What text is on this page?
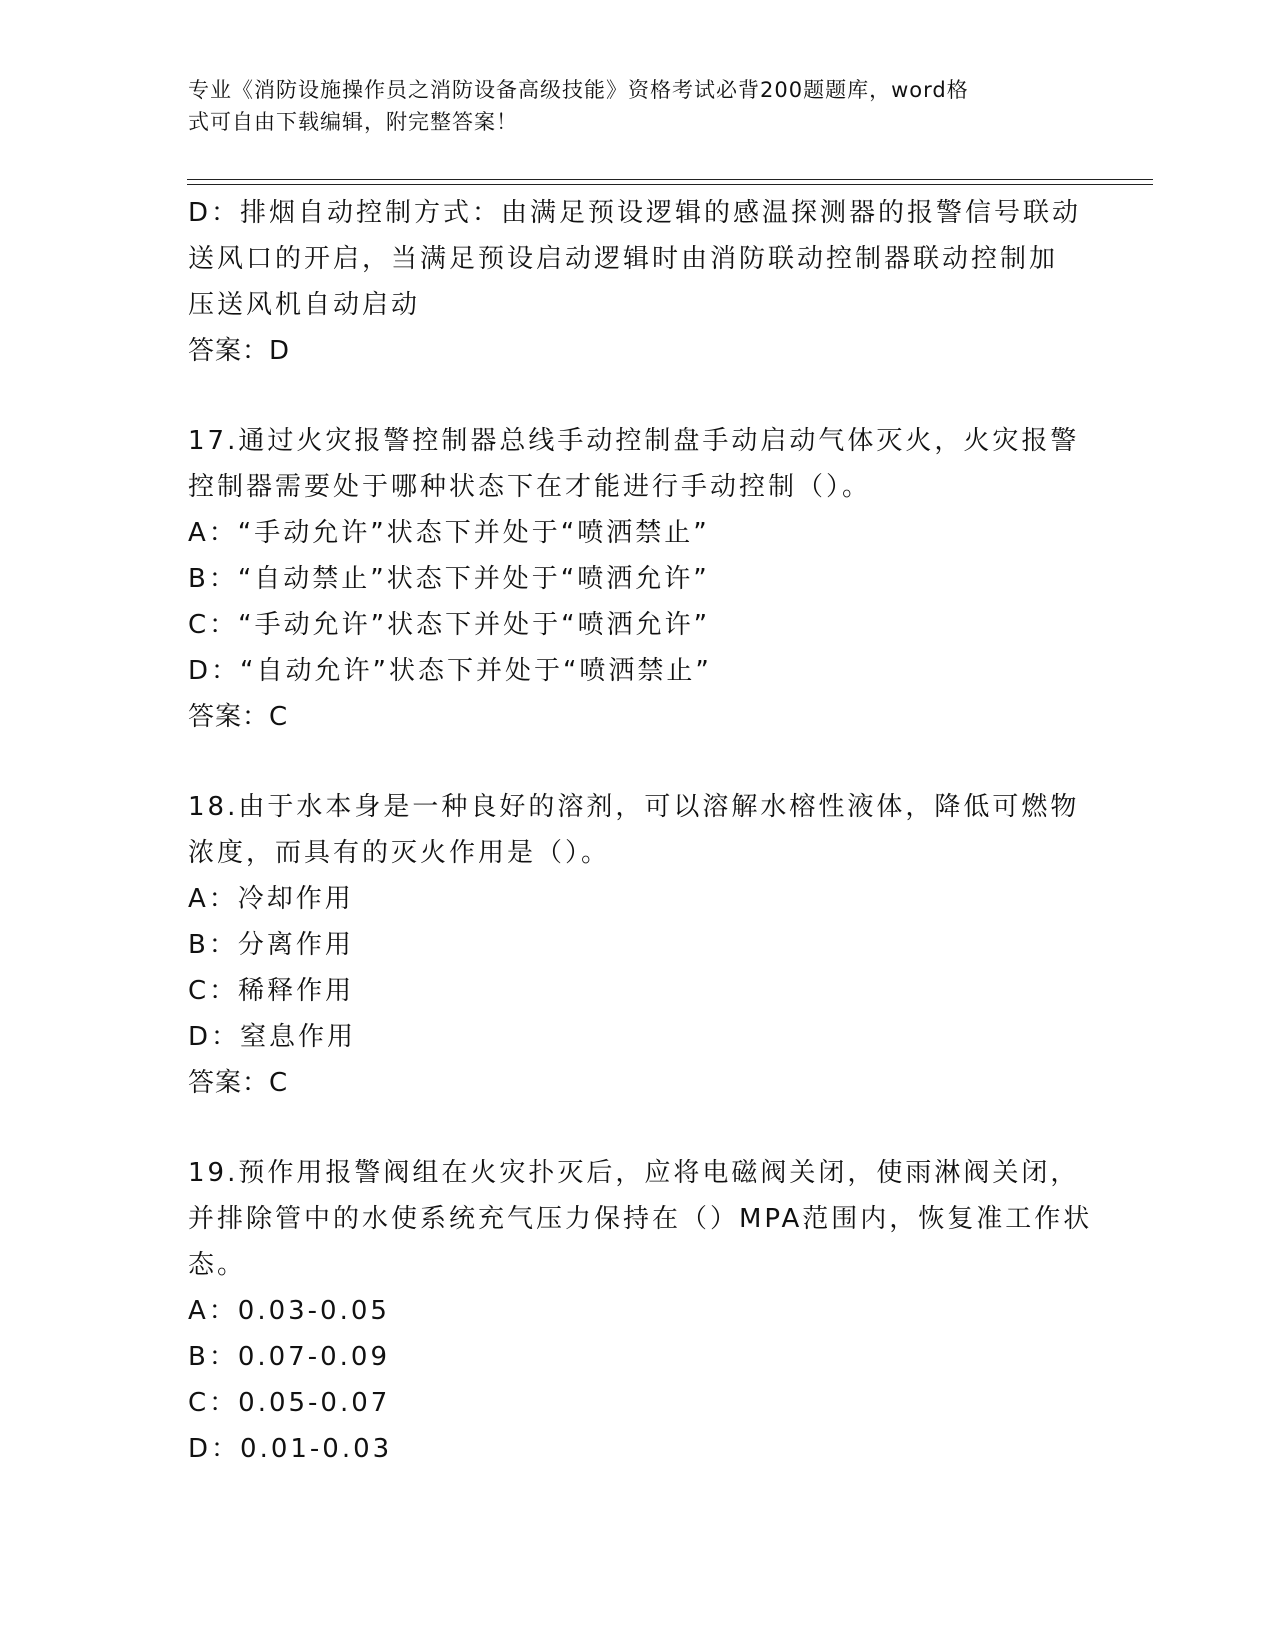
专业《消防设施操作员之消防设备高级技能》资格考试必背200题题库，word格
式可自由下载编辑，附完整答案！
D：排烟自动控制方式：由满足预设逻辑的感温探测器的报警信号联动
送风口的开启，当满足预设启动逻辑时由消防联动控制器联动控制加
压送风机自动启动
答案：D
17.通过火灾报警控制器总线手动控制盘手动启动气体灭火，火灾报警
控制器需要处于哪种状态下在才能进行手动控制（）。
A：“手动允许”状态下并处于“喷洒禁止”
B：“自动禁止”状态下并处于“喷洒允许”
C：“手动允许”状态下并处于“喷洒允许”
D：“自动允许”状态下并处于“喷洒禁止”
答案：C
18.由于水本身是一种良好的溶剂，可以溶解水榕性液体，降低可燃物
浓度，而具有的灭火作用是（）。
A：冷却作用
B：分离作用
C：稀释作用
D：窒息作用
答案：C
19.预作用报警阀组在火灾扑灭后，应将电磁阀关闭，使雨淋阀关闭，
并排除管中的水使系统充气压力保持在（）MPA范围内，恢复准工作状
态。
A：0.03-0.05
B：0.07-0.09
C：0.05-0.07
D：0.01-0.03
